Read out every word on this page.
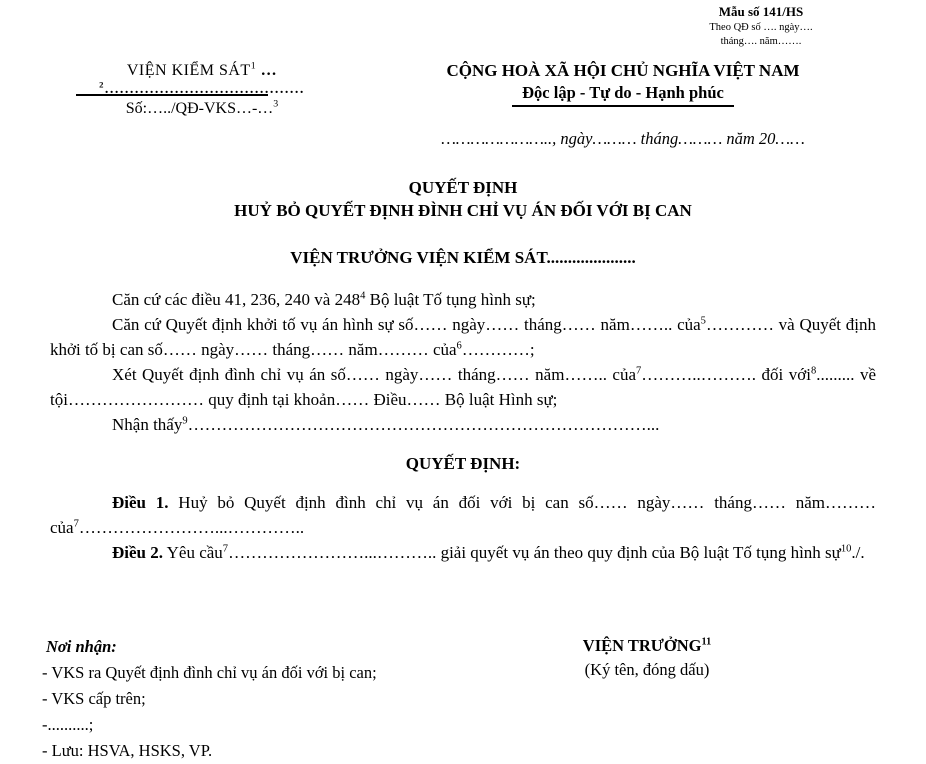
Mẫu số 141/HS
Theo QĐ số …. ngày….
tháng…. năm…….
VIỆN KIỂM SÁT$^1$ …
$^2$........................................
Số:…../QĐ-VKS…-…$^3$
CỘNG HOÀ XÃ HỘI CHỦ NGHĨA VIỆT NAM
Độc lập - Tự do - Hạnh phúc
………………….., ngày……… tháng……… năm 20……
QUYẾT ĐỊNH
HUỶ BỎ QUYẾT ĐỊNH ĐÌNH CHỈ VỤ ÁN ĐỐI VỚI BỊ CAN
VIỆN TRƯỞNG VIỆN KIỂM SÁT.....................

Căn cứ các điều 41, 236, 240 và $248^4$ Bộ luật Tố tụng hình sự;

Căn cứ Quyết định khởi tố vụ án hình sự số…… ngày…… tháng…… năm…….. của$^5$………… và Quyết định khởi tố bị can số…… ngày…… tháng…… năm……… của$^6$…………;

Xét Quyết định đình chỉ vụ án số…… ngày…… tháng…… năm…….. của$^7$………..………. đối với$^8$......... về tội…………………… quy định tại khoản…… Điều…… Bộ luật Hình sự;

Nhận thấy$^9$………………………………………………………………………...

QUYẾT ĐỊNH:

Điều 1. Huỷ bỏ Quyết định đình chỉ vụ án đối với bị can số…… ngày…… tháng…… năm……… của$^7$……………………...…………..

Điều 2. Yêu cầu$^7$……………………...……….. giải quyết vụ án theo quy định của Bộ luật Tố tụng hình sự$^{10}$./.

Nơi nhận:
- VKS ra Quyết định đình chỉ vụ án đối với bị can;
- VKS cấp trên;
-..........;
- Lưu: HSVA, HSKS, VP.
VIỆN TRƯỞNG$^{11}$
(Ký tên, đóng dấu)
